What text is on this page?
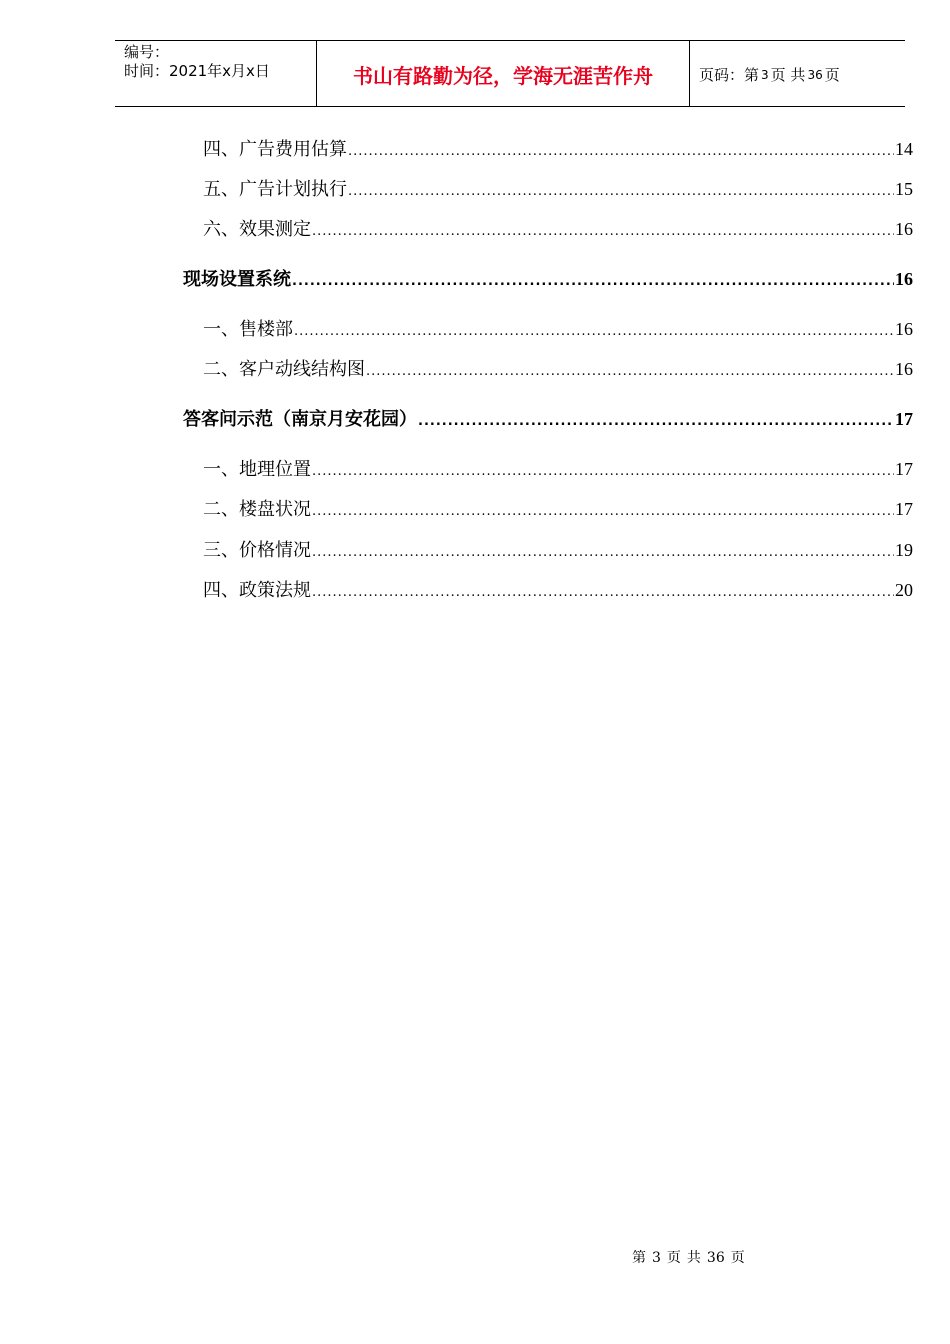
编号：
时间：2021年x月x日	书山有路勤为径，学海无涯苦作舟	页码：第 3 页 共 36 页
四、广告费用估算 .....	14
五、广告计划执行 .....	15
六、效果测定 .....	16
现场设置系统 .....	16
一、售楼部 .....	16
二、客户动线结构图 .....	16
答客问示范（南京月安花园） .....	17
一、地理位置 .....	17
二、楼盘状况 .....	17
三、价格情况 .....	19
四、政策法规 .....	20
第 3 页 共 36 页
